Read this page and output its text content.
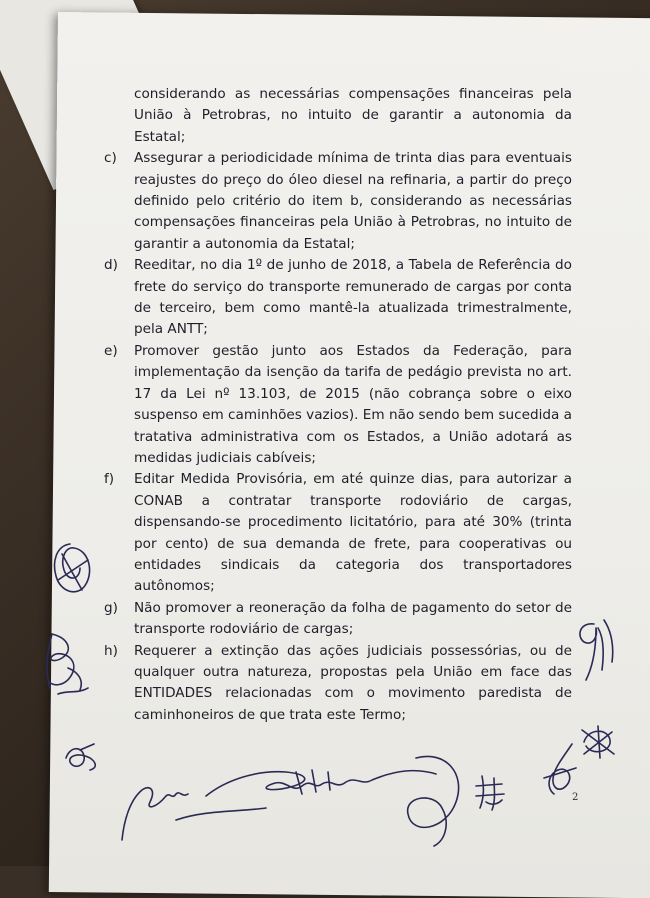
considerando as necessárias compensações financeiras pela União à Petrobras, no intuito de garantir a autonomia da Estatal;
c)	Assegurar a periodicidade mínima de trinta dias para eventuais reajustes do preço do óleo diesel na refinaria, a partir do preço definido pelo critério do item b, considerando as necessárias compensações financeiras pela União à Petrobras, no intuito de garantir a autonomia da Estatal;
d)	Reeditar, no dia 1º de junho de 2018, a Tabela de Referência do frete do serviço do transporte remunerado de cargas por conta de terceiro, bem como mantê-la atualizada trimestralmente, pela ANTT;
e)	Promover gestão junto aos Estados da Federação, para implementação da isenção da tarifa de pedágio prevista no art. 17 da Lei nº 13.103, de 2015 (não cobrança sobre o eixo suspenso em caminhões vazios). Em não sendo bem sucedida a tratativa administrativa com os Estados, a União adotará as medidas judiciais cabíveis;
f)	Editar Medida Provisória, em até quinze dias, para autorizar a CONAB a contratar transporte rodoviário de cargas, dispensando-se procedimento licitatório, para até 30% (trinta por cento) de sua demanda de frete, para cooperativas ou entidades sindicais da categoria dos transportadores autônomos;
g)	Não promover a reoneração da folha de pagamento do setor de transporte rodoviário de cargas;
h)	Requerer a extinção das ações judiciais possessórias, ou de qualquer outra natureza, propostas pela União em face das ENTIDADES relacionadas com o movimento paredista de caminhoneiros de que trata este Termo;
2
